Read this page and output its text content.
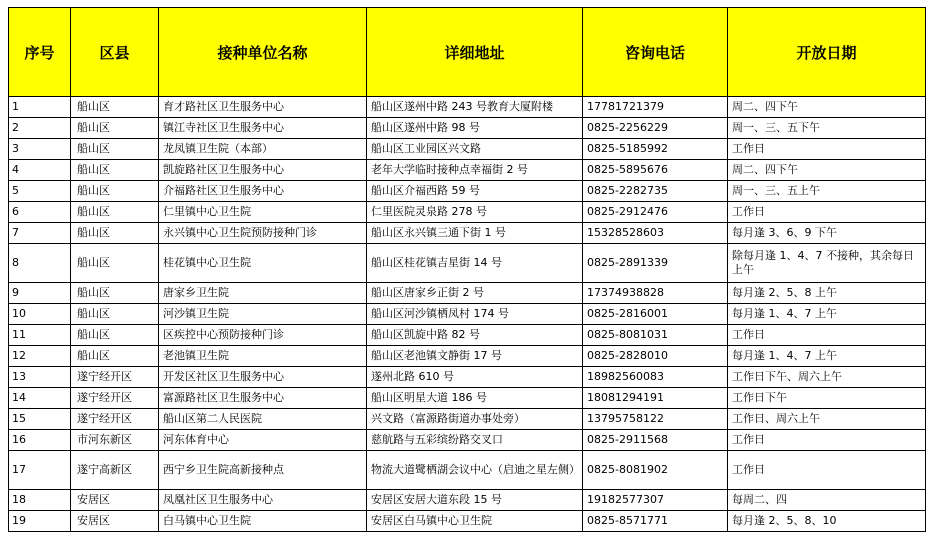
序号	区县	接种单位名称	详细地址	咨询电话	开放日期
1	船山区	育才路社区卫生服务中心	船山区遂州中路 243 号教育大厦附楼	17781721379	周二、四下午
2	船山区	镇江寺社区卫生服务中心	船山区遂州中路 98 号	0825-2256229	周一、三、五下午
3	船山区	龙凤镇卫生院（本部）	船山区工业园区兴文路	0825-5185992	工作日
4	船山区	凯旋路社区卫生服务中心	老年大学临时接种点幸福街 2 号	0825-5895676	周二、四下午
5	船山区	介福路社区卫生服务中心	船山区介福西路 59 号	0825-2282735	周一、三、五上午
6	船山区	仁里镇中心卫生院	仁里医院灵泉路 278 号	0825-2912476	工作日
7	船山区	永兴镇中心卫生院预防接种门诊	船山区永兴镇三通下街 1 号	15328528603	每月逢 3、6、9 下午
8	船山区	桂花镇中心卫生院	船山区桂花镇吉星街 14 号	0825-2891339	除每月逢 1、4、7 不接种，其余每日上午
9	船山区	唐家乡卫生院	船山区唐家乡正街 2 号	17374938828	每月逢 2、5、8 上午
10	船山区	河沙镇卫生院	船山区河沙镇栖凤村 174 号	0825-2816001	每月逢 1、4、7 上午
11	船山区	区疾控中心预防接种门诊	船山区凯旋中路 82 号	0825-8081031	工作日
12	船山区	老池镇卫生院	船山区老池镇文静街 17 号	0825-2828010	每月逢 1、4、7 上午
13	遂宁经开区	开发区社区卫生服务中心	遂州北路 610 号	18982560083	工作日下午、周六上午
14	遂宁经开区	富源路社区卫生服务中心	船山区明星大道 186 号	18081294191	工作日下午
15	遂宁经开区	船山区第二人民医院	兴文路（富源路街道办事处旁）	13795758122	工作日、周六上午
16	市河东新区	河东体育中心	慈航路与五彩缤纷路交叉口	0825-2911568	工作日
17	遂宁高新区	西宁乡卫生院高新接种点	物流大道鹭栖湖会议中心（启迪之星左侧）	0825-8081902	工作日
18	安居区	凤凰社区卫生服务中心	安居区安居大道东段 15 号	19182577307	每周二、四
19	安居区	白马镇中心卫生院	安居区白马镇中心卫生院	0825-8571771	每月逢 2、5、8、10
